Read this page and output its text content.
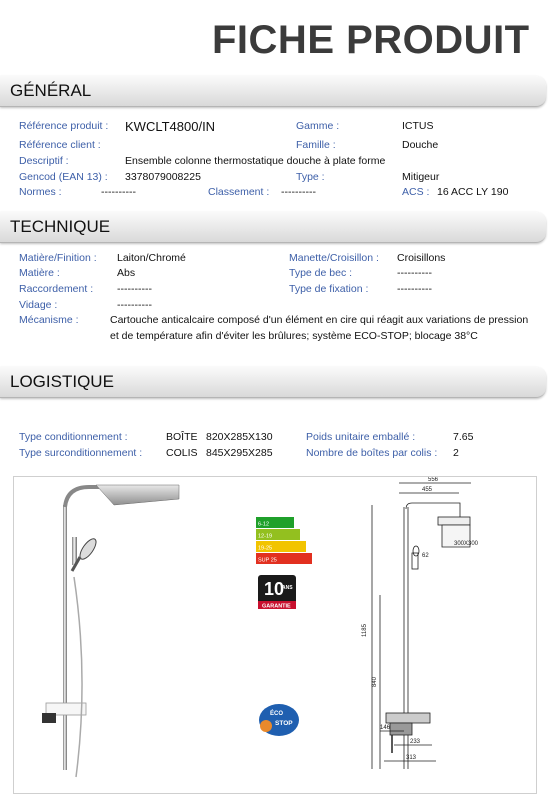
FICHE PRODUIT
GÉNÉRAL
Référence produit : KWCLT4800/IN	Gamme :	ICTUS
Référence client :	Famille :	Douche
Descriptif :	Ensemble colonne thermostatique douche à plate forme
Gencod (EAN 13) : 3378079008225	Type :	Mitigeur
Normes :	----------	Classement : ----------	ACS : 16 ACC LY 190
TECHNIQUE
Matière/Finition : Laiton/Chromé	Manette/Croisillon : Croisillons
Matière :	Abs	Type de bec :	----------
Raccordement : ----------	Type de fixation :	----------
Vidage :	----------
Mécanisme :	Cartouche anticalcaire composé d'un élément en cire qui réagit aux variations de pression et de température afin d'éviter les brûlures; système ECO-STOP; blocage 38°C
LOGISTIQUE
Type conditionnement :	BOÎTE 820X285X130	Poids unitaire emballé :	7.65
Type surconditionnement : COLIS 845X295X285	Nombre de boîtes par colis : 2
6-12
12-19
19-25
SUP 25
10
ANS
GARANTIE
ÉCO
STOP
556
455
300X300
62
1185
840
146
233
313
